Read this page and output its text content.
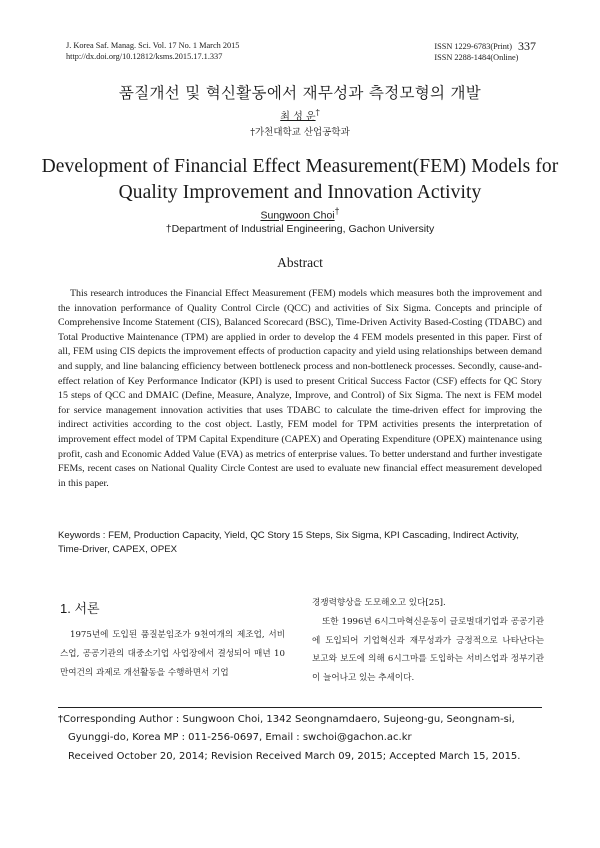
J. Korea Saf. Manag. Sci. Vol. 17 No. 1 March 2015
http://dx.doi.org/10.12812/ksms.2015.17.1.337
ISSN 1229-6783(Print) 337
ISSN 2288-1484(Online)
품질개선 및 혁신활동에서 재무성과 측정모형의 개발
최 성 운†
†가천대학교 산업공학과
Development of Financial Effect Measurement(FEM) Models for
Quality Improvement and Innovation Activity
Sungwoon Choi†
†Department of Industrial Engineering, Gachon University
Abstract

This research introduces the Financial Effect Measurement (FEM) models which measures both the improvement and the innovation performance of Quality Control Circle (QCC) and activities of Six Sigma. Concepts and principle of Comprehensive Income Statement (CIS), Balanced Scorecard (BSC), Time-Driven Activity Based-Costing (TDABC) and Total Productive Maintenance (TPM) are applied in order to develop the 4 FEM models presented in this paper. First of all, FEM using CIS depicts the improvement effects of production capacity and yield using relationships between demand and supply, and line balancing efficiency between bottleneck process and non-bottleneck processes. Secondly, cause-and-effect relation of Key Performance Indicator (KPI) is used to present Critical Success Factor (CSF) effects for QC Story 15 steps of QCC and DMAIC (Define, Measure, Analyze, Improve, and Control) of Six Sigma. The next is FEM model for service management innovation activities that uses TDABC to calculate the time-driven effect for improving the indirect activities according to the cost object. Lastly, FEM model for TPM activities presents the interpretation of improvement effect model of TPM Capital Expenditure (CAPEX) and Operating Expenditure (OPEX) maintenance using profit, cash and Economic Added Value (EVA) as metrics of enterprise values. To better understand and further investigate FEMs, recent cases on National Quality Circle Contest are used to evaluate new financial effect measurement developed in this paper.

Keywords : FEM, Production Capacity, Yield, QC Story 15 Steps, Six Sigma, KPI Cascading, Indirect Activity, Time-Driver, CAPEX, OPEX

1. 서론

1975년에 도입된 품질분임조가 9천여개의 제조업, 서비스업, 공공기관의 대중소기업 사업장에서 결성되어 매년 10만여건의 과제로 개선활동을 수행하면서 기업

경쟁력향상을 도모해오고 있다[25].

또한 1996년 6시그마혁신운동이 글로벌대기업과 공공기관에 도입되어 기업혁신과 재무성과가 긍정적으로 나타난다는 보고와 보도에 의해 6시그마를 도입하는 서비스업과 정부기관이 늘어나고 있는 추세이다.

†Corresponding Author : Sungwoon Choi, 1342 Seongnamdaero, Sujeong-gu, Seongnam-si,
Gyunggi-do, Korea MP : 011-256-0697, Email : swchoi@gachon.ac.kr
Received October 20, 2014; Revision Received March 09, 2015; Accepted March 15, 2015.
